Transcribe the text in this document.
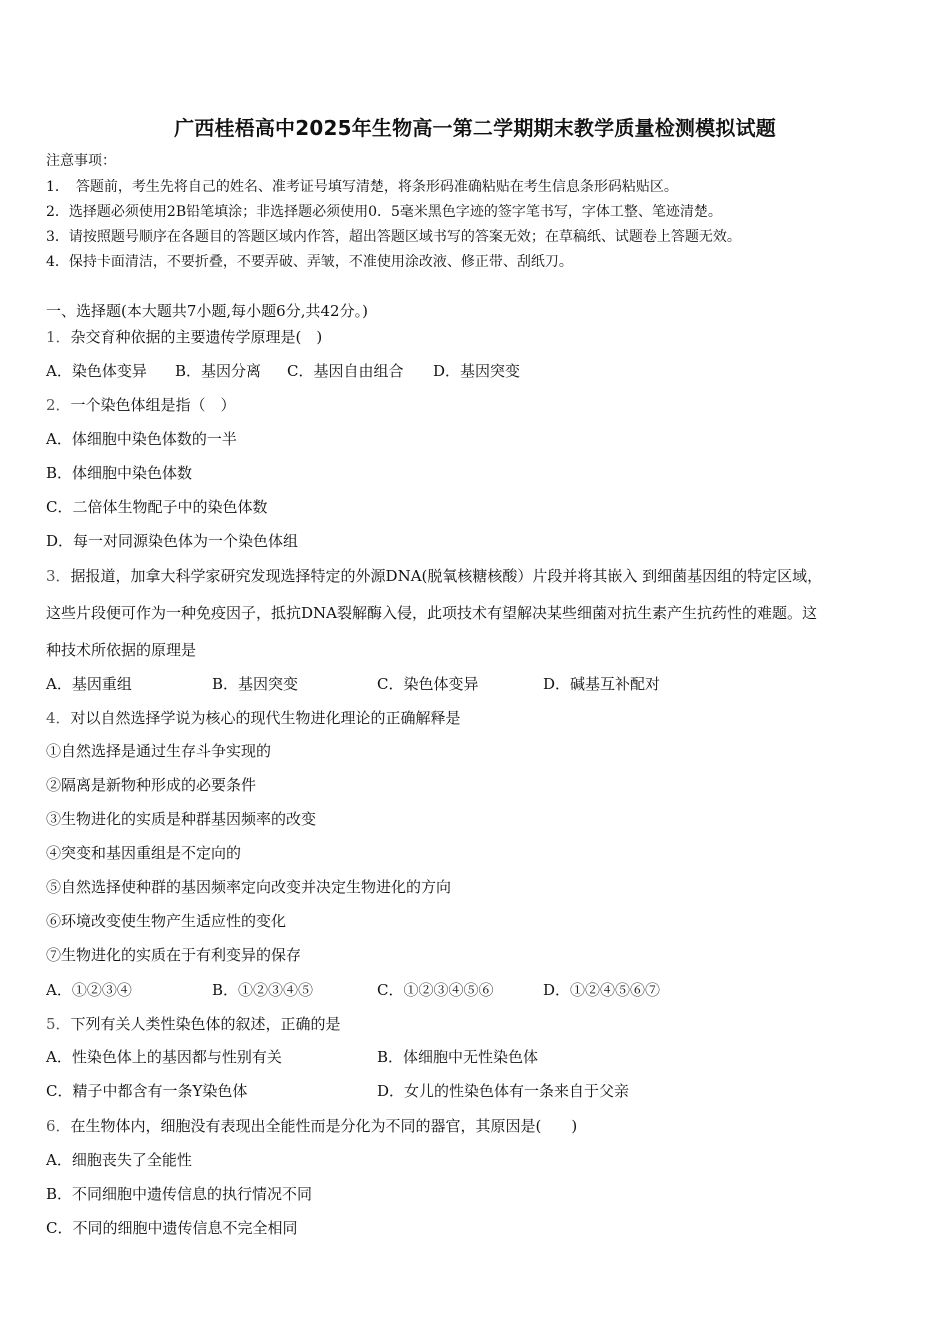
广西桂梧高中2025年生物高一第二学期期末教学质量检测模拟试题
注意事项：
1．　答题前，考生先将自己的姓名、准考证号填写清楚，将条形码准确粘贴在考生信息条形码粘贴区。
2．选择题必须使用2B铅笔填涂；非选择题必须使用0．5毫米黑色字迹的签字笔书写，字体工整、笔迹清楚。
3．请按照题号顺序在各题目的答题区域内作答，超出答题区域书写的答案无效；在草稿纸、试题卷上答题无效。
4．保持卡面清洁，不要折叠，不要弄破、弄皱，不准使用涂改液、修正带、刮纸刀。
一、选择题(本大题共7小题,每小题6分,共42分。)
1．杂交育种依据的主要遗传学原理是(　)
A．染色体变异 B．基因分离 C．基因自由组合 D．基因突变
2．一个染色体组是指（　）
A．体细胞中染色体数的一半
B．体细胞中染色体数
C．二倍体生物配子中的染色体数
D．每一对同源染色体为一个染色体组
3．据报道，加拿大科学家研究发现选择特定的外源DNA(脱氧核糖核酸）片段并将其嵌入 到细菌基因组的特定区域，
这些片段便可作为一种免疫因子，抵抗DNA裂解酶入侵，此项技术有望解决某些细菌对抗生素产生抗药性的难题。这
种技术所依据的原理是
A．基因重组	B．基因突变	C．染色体变异	D．碱基互补配对
4．对以自然选择学说为核心的现代生物进化理论的正确解释是
①自然选择是通过生存斗争实现的
②隔离是新物种形成的必要条件
③生物进化的实质是种群基因频率的改变
④突变和基因重组是不定向的
⑤自然选择使种群的基因频率定向改变并决定生物进化的方向
⑥环境改变使生物产生适应性的变化
⑦生物进化的实质在于有利变异的保存
A．①②③④	B．①②③④⑤	C．①②③④⑤⑥	D．①②④⑤⑥⑦
5．下列有关人类性染色体的叙述，正确的是
A．性染色体上的基因都与性别有关	B．体细胞中无性染色体
C．精子中都含有一条Y染色体	D．女儿的性染色体有一条来自于父亲
6．在生物体内，细胞没有表现出全能性而是分化为不同的器官，其原因是(　　)
A．细胞丧失了全能性
B．不同细胞中遗传信息的执行情况不同
C．不同的细胞中遗传信息不完全相同
